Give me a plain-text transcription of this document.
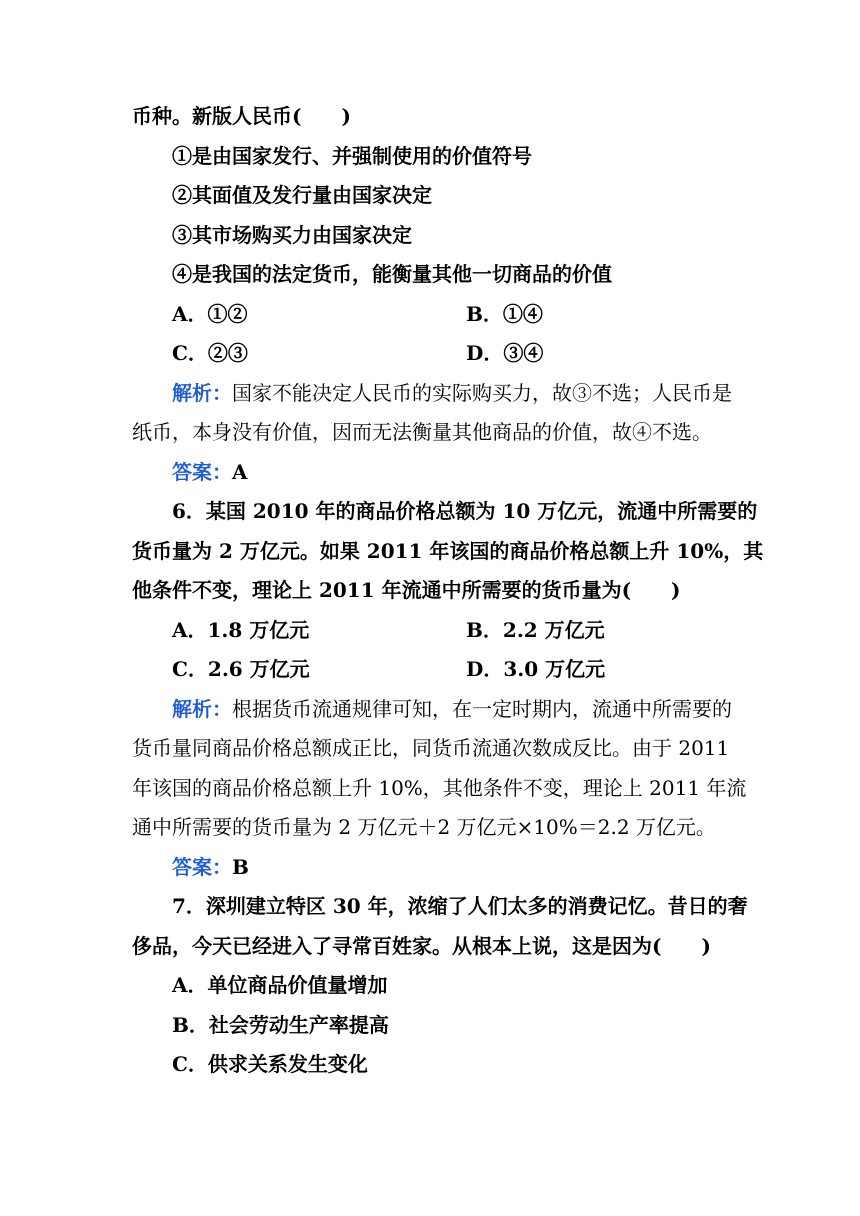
币种。新版人民币(　　)
①是由国家发行、并强制使用的价值符号
②其面值及发行量由国家决定
③其市场购买力由国家决定
④是我国的法定货币，能衡量其他一切商品的价值
A．①②	B．①④
C．②③	D．③④
解析：国家不能决定人民币的实际购买力，故③不选；人民币是
纸币，本身没有价值，因而无法衡量其他商品的价值，故④不选。
答案：A
6．某国 2010 年的商品价格总额为 10 万亿元，流通中所需要的
货币量为 2 万亿元。如果 2011 年该国的商品价格总额上升 10%，其
他条件不变，理论上 2011 年流通中所需要的货币量为(　　)
A．1.8 万亿元	B．2.2 万亿元
C．2.6 万亿元	D．3.0 万亿元
解析：根据货币流通规律可知，在一定时期内，流通中所需要的
货币量同商品价格总额成正比，同货币流通次数成反比。由于 2011
年该国的商品价格总额上升 10%，其他条件不变，理论上 2011 年流
通中所需要的货币量为 2 万亿元＋2 万亿元×10%＝2.2 万亿元。
答案：B
7．深圳建立特区 30 年，浓缩了人们太多的消费记忆。昔日的奢
侈品，今天已经进入了寻常百姓家。从根本上说，这是因为(　　)
A．单位商品价值量增加
B．社会劳动生产率提高
C．供求关系发生变化
